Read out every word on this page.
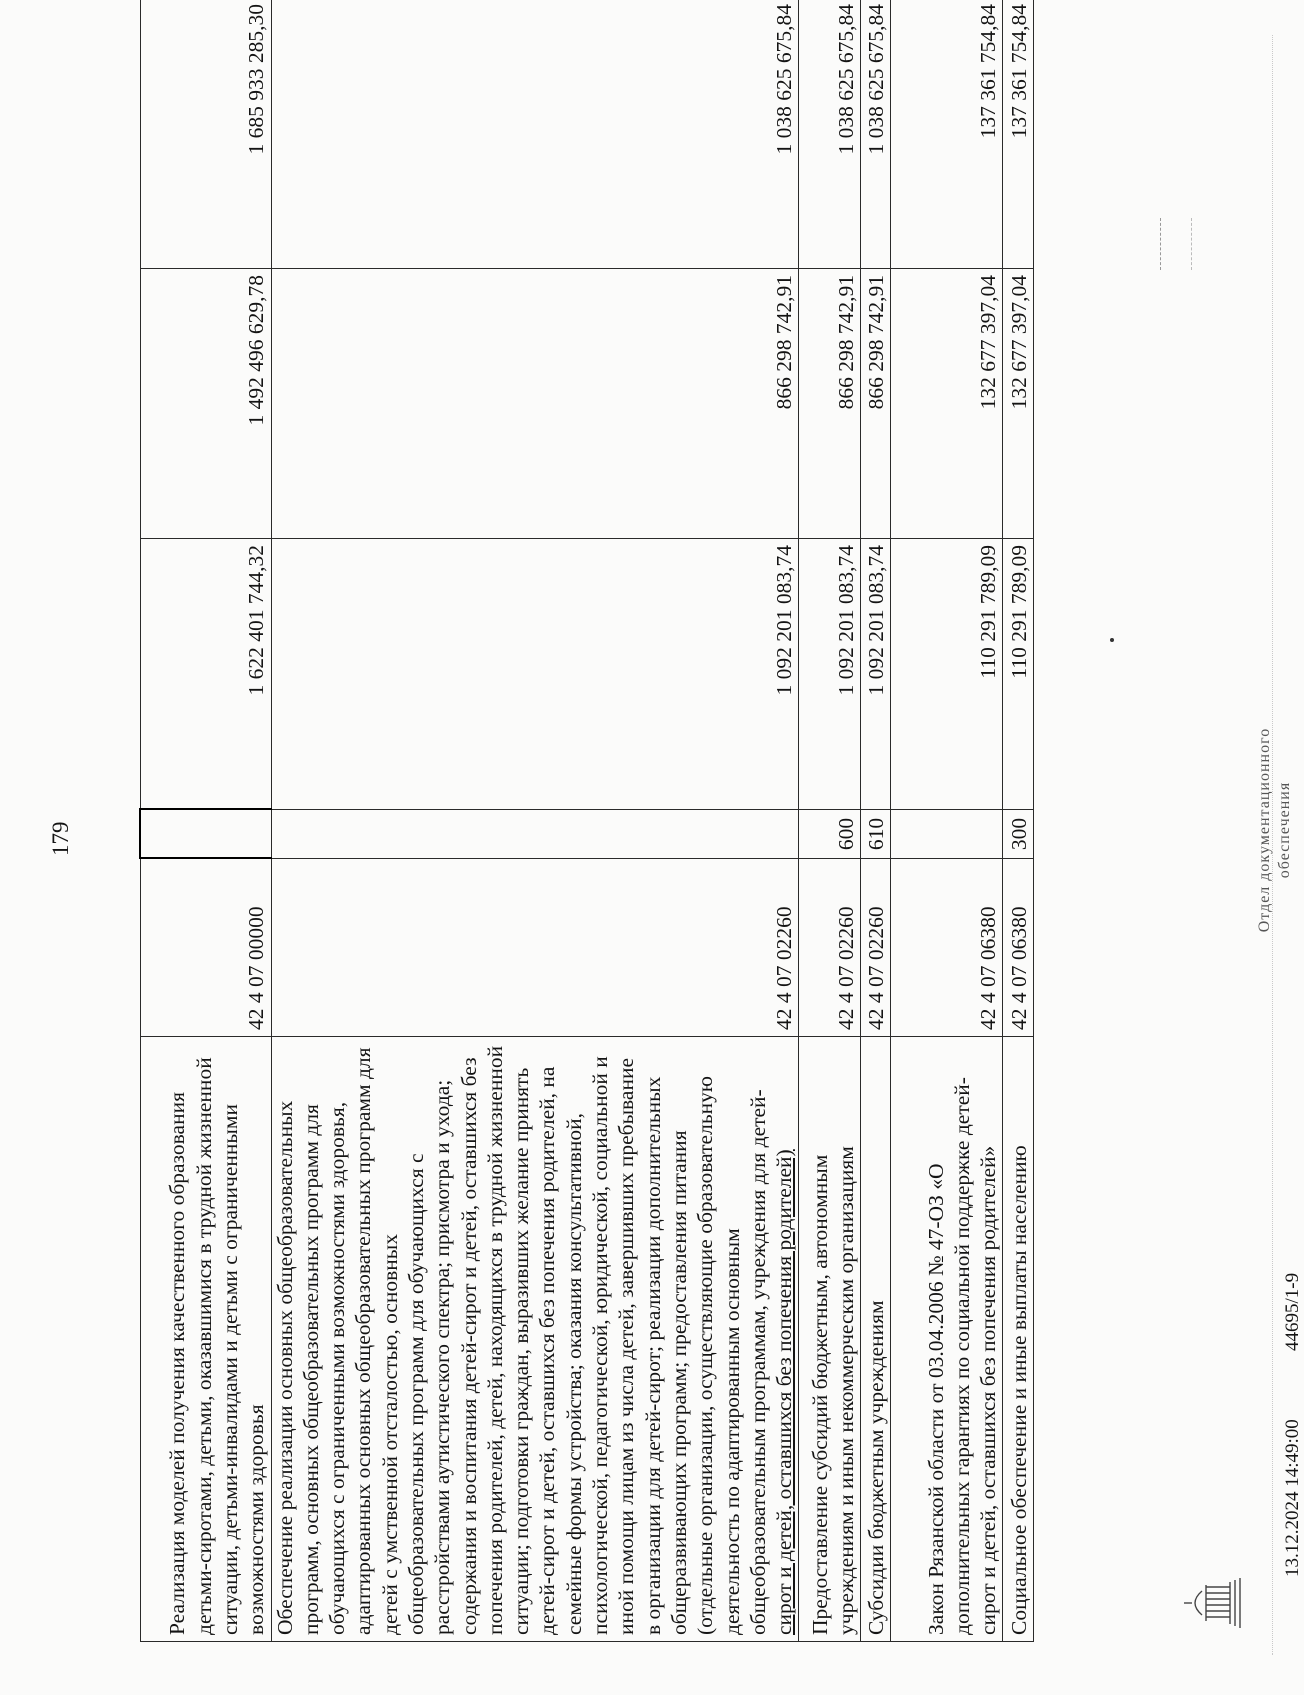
179
Реализация моделей получения качественного образования детьми-сиротами, детьми, оказавшимися в трудной жизненной ситуации, детьми-инвалидами и детьми с ограниченными возможностями здоровья	42 4 07 00000		1 622 401 744,32	1 492 496 629,78	1 685 933 285,30
Обеспечение реализации основных общеобразовательных программ, основных общеобразовательных программ для обучающихся с ограниченными возможностями здоровья, адаптированных основных общеобразовательных программ для детей с умственной отсталостью, основных общеобразовательных программ для обучающихся с расстройствами аутистического спектра; присмотра и ухода; содержания и воспитания детей-сирот и детей, оставшихся без попечения родителей, детей, находящихся в трудной жизненной ситуации; подготовки граждан, выразивших желание принять детей-сирот и детей, оставшихся без попечения родителей, на семейные формы устройства; оказания консультативной, психологической, педагогической, юридической, социальной и иной помощи лицам из числа детей, завершивших пребывание в организации для детей-сирот; реализации дополнительных общеразвивающих программ; предоставления питания (отдельные организации, осуществляющие образовательную деятельность по адаптированным основным общеобразовательным программам, учреждения для детей- сирот и детей, оставшихся без попечения родителей)	42 4 07 02260		1 092 201 083,74	866 298 742,91	1 038 625 675,84
Предоставление субсидий бюджетным, автономным учреждениям и иным некоммерческим организациям	42 4 07 02260	600	1 092 201 083,74	866 298 742,91	1 038 625 675,84
Субсидии бюджетным учреждениям	42 4 07 02260	610	1 092 201 083,74	866 298 742,91	1 038 625 675,84
Закон Рязанской области от 03.04.2006 № 47-ОЗ «О дополнительных гарантиях по социальной поддержке детей-сирот и детей, оставшихся без попечения родителей»	42 4 07 06380		110 291 789,09	132 677 397,04	137 361 754,84
Социальное обеспечение и иные выплаты населению	42 4 07 06380	300	110 291 789,09	132 677 397,04	137 361 754,84
13.12.2024 14:49:00
44695/1-9
Отдел документационного обеспечения
